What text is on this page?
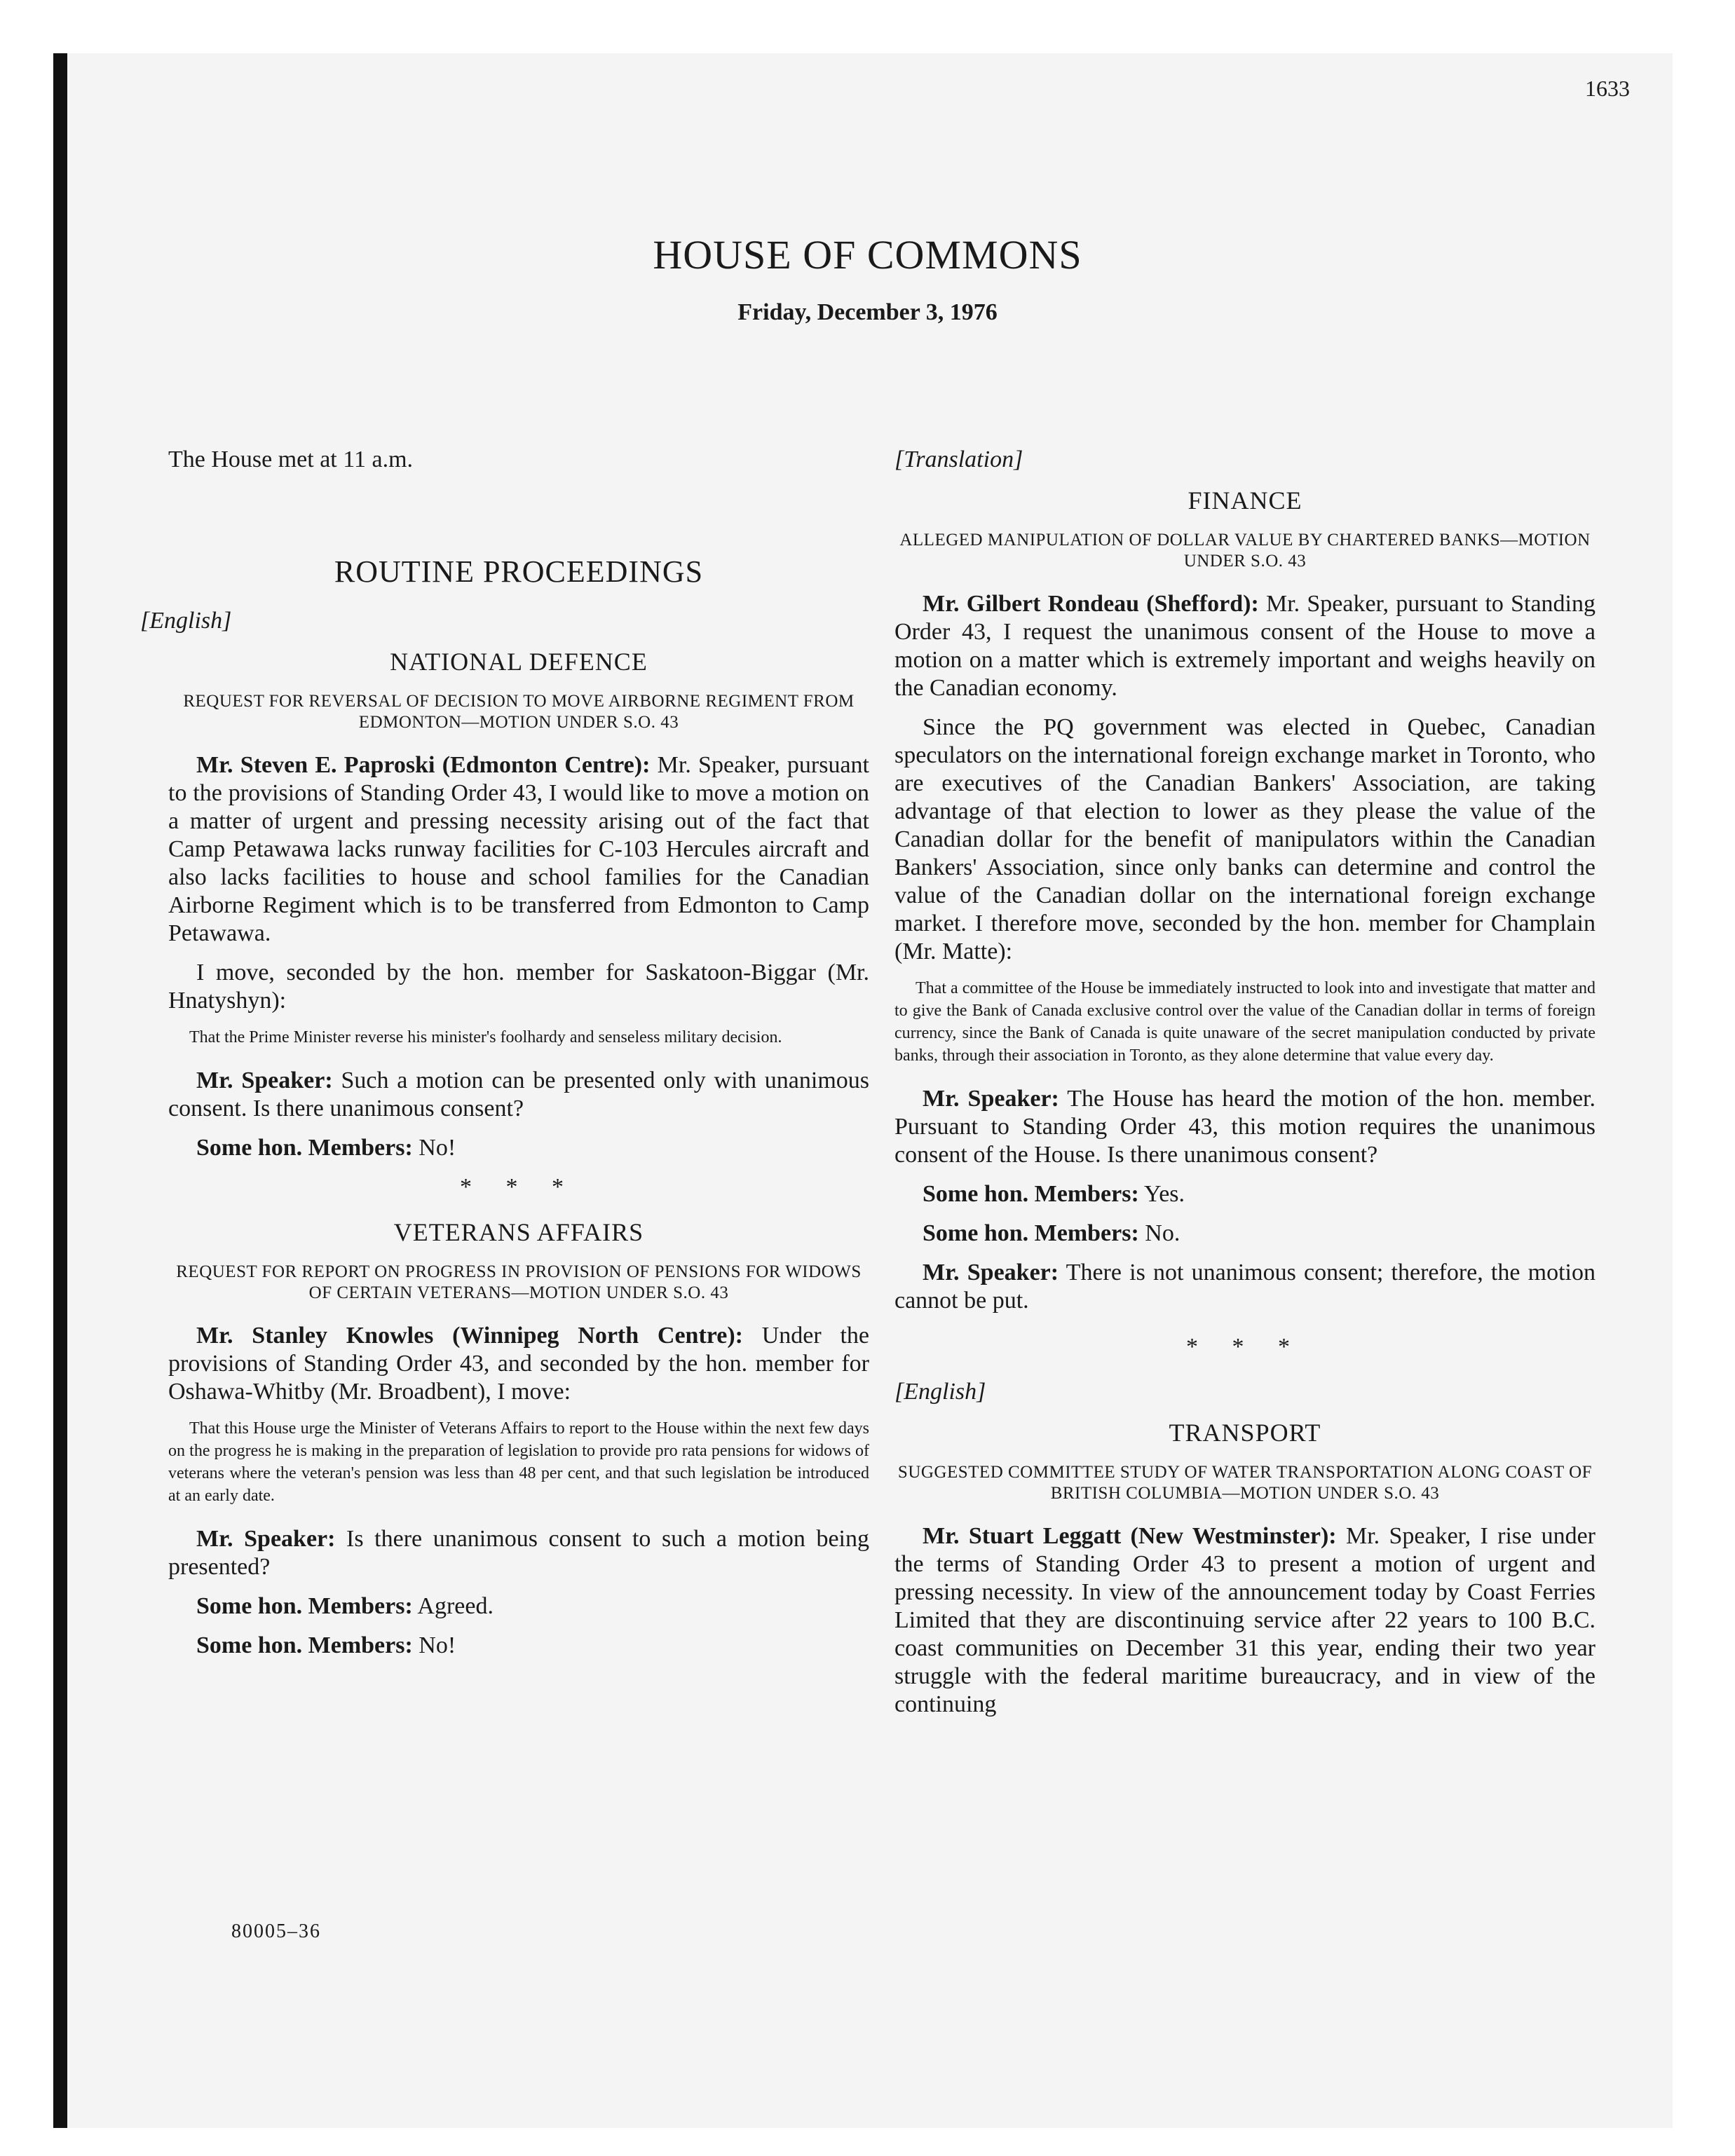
1633
HOUSE OF COMMONS
Friday, December 3, 1976

The House met at 11 a.m.

ROUTINE PROCEEDINGS
[English]
NATIONAL DEFENCE
REQUEST FOR REVERSAL OF DECISION TO MOVE AIRBORNE REGIMENT FROM EDMONTON—MOTION UNDER S.O. 43

Mr. Steven E. Paproski (Edmonton Centre): Mr. Speaker, pursuant to the provisions of Standing Order 43, I would like to move a motion on a matter of urgent and pressing necessity arising out of the fact that Camp Petawawa lacks runway facilities for C-103 Hercules aircraft and also lacks facilities to house and school families for the Canadian Airborne Regiment which is to be transferred from Edmonton to Camp Petawawa.

I move, seconded by the hon. member for Saskatoon-Biggar (Mr. Hnatyshyn):

That the Prime Minister reverse his minister's foolhardy and senseless military decision.

Mr. Speaker: Such a motion can be presented only with unanimous consent. Is there unanimous consent?

Some hon. Members: No!

* * *
VETERANS AFFAIRS
REQUEST FOR REPORT ON PROGRESS IN PROVISION OF PENSIONS FOR WIDOWS OF CERTAIN VETERANS—MOTION UNDER S.O. 43

Mr. Stanley Knowles (Winnipeg North Centre): Under the provisions of Standing Order 43, and seconded by the hon. member for Oshawa-Whitby (Mr. Broadbent), I move:

That this House urge the Minister of Veterans Affairs to report to the House within the next few days on the progress he is making in the preparation of legislation to provide pro rata pensions for widows of veterans where the veteran's pension was less than 48 per cent, and that such legislation be introduced at an early date.

Mr. Speaker: Is there unanimous consent to such a motion being presented?

Some hon. Members: Agreed.

Some hon. Members: No!

80005–36
[Translation]
FINANCE
ALLEGED MANIPULATION OF DOLLAR VALUE BY CHARTERED BANKS—MOTION UNDER S.O. 43

Mr. Gilbert Rondeau (Shefford): Mr. Speaker, pursuant to Standing Order 43, I request the unanimous consent of the House to move a motion on a matter which is extremely important and weighs heavily on the Canadian economy.

Since the PQ government was elected in Quebec, Canadian speculators on the international foreign exchange market in Toronto, who are executives of the Canadian Bankers' Association, are taking advantage of that election to lower as they please the value of the Canadian dollar for the benefit of manipulators within the Canadian Bankers' Association, since only banks can determine and control the value of the Canadian dollar on the international foreign exchange market. I therefore move, seconded by the hon. member for Champlain (Mr. Matte):

That a committee of the House be immediately instructed to look into and investigate that matter and to give the Bank of Canada exclusive control over the value of the Canadian dollar in terms of foreign currency, since the Bank of Canada is quite unaware of the secret manipulation conducted by private banks, through their association in Toronto, as they alone determine that value every day.

Mr. Speaker: The House has heard the motion of the hon. member. Pursuant to Standing Order 43, this motion requires the unanimous consent of the House. Is there unanimous consent?

Some hon. Members: Yes.

Some hon. Members: No.

Mr. Speaker: There is not unanimous consent; therefore, the motion cannot be put.

* * *
[English]
TRANSPORT
SUGGESTED COMMITTEE STUDY OF WATER TRANSPORTATION ALONG COAST OF BRITISH COLUMBIA—MOTION UNDER S.O. 43

Mr. Stuart Leggatt (New Westminster): Mr. Speaker, I rise under the terms of Standing Order 43 to present a motion of urgent and pressing necessity. In view of the announcement today by Coast Ferries Limited that they are discontinuing service after 22 years to 100 B.C. coast communities on December 31 this year, ending their two year struggle with the federal maritime bureaucracy, and in view of the continuing
